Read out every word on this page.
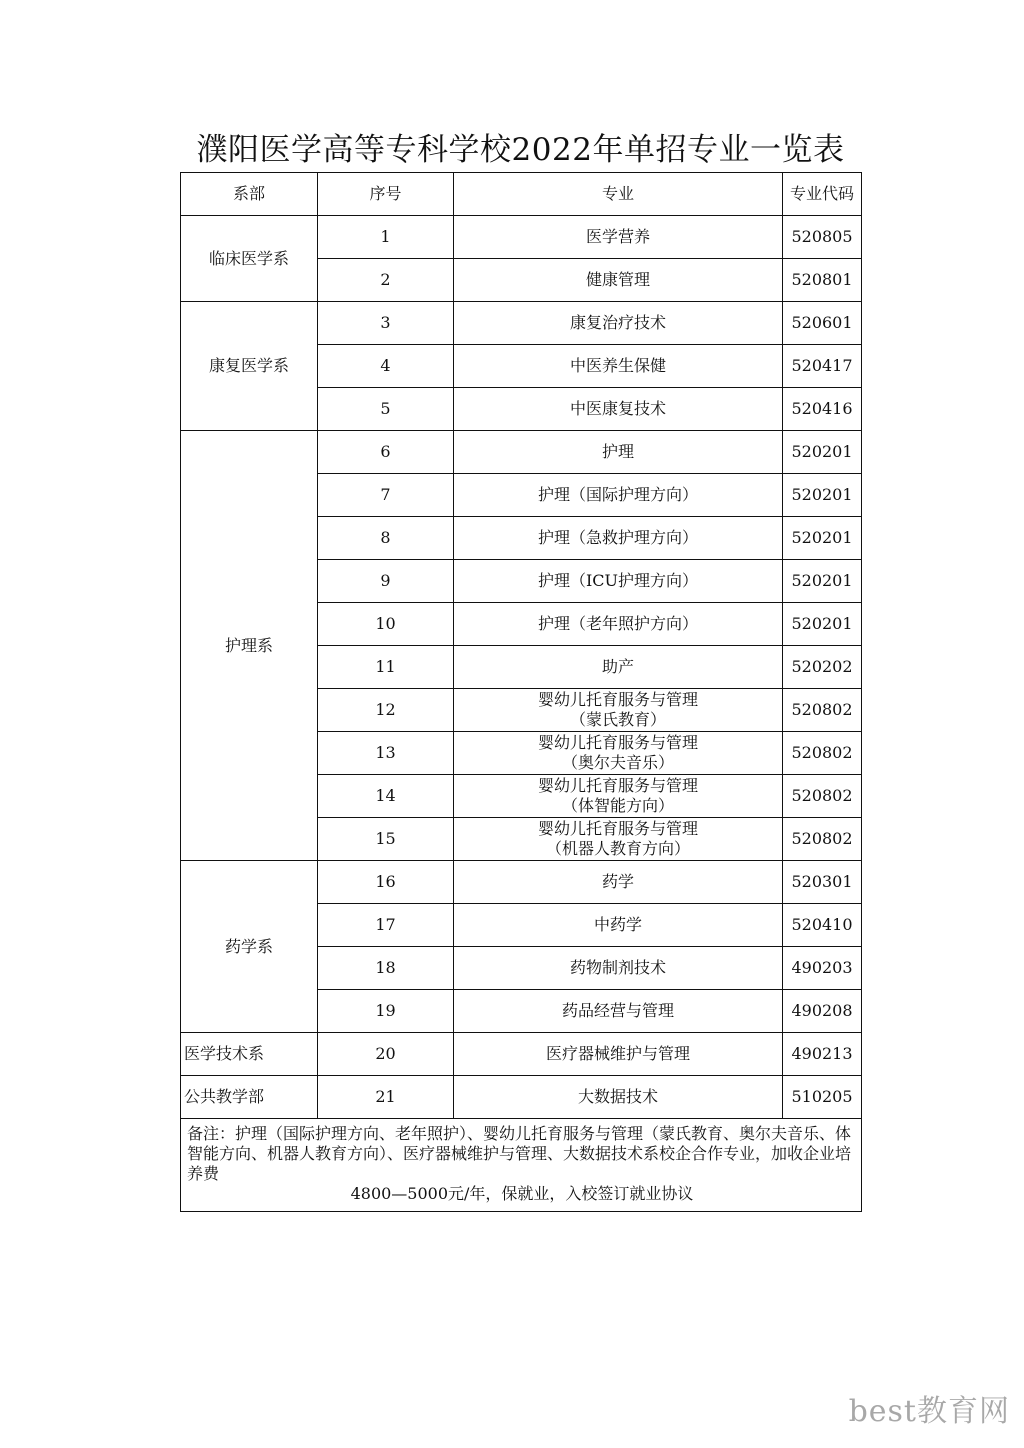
濮阳医学高等专科学校2022年单招专业一览表
系部	序号	专业	专业代码
临床医学系	1	医学营养	520805
	2	健康管理	520801
康复医学系	3	康复治疗技术	520601
	4	中医养生保健	520417
	5	中医康复技术	520416
护理系	6	护理	520201
	7	护理（国际护理方向）	520201
	8	护理（急救护理方向）	520201
	9	护理（ICU护理方向）	520201
	10	护理（老年照护方向）	520201
	11	助产	520202
	12	婴幼儿托育服务与管理
（蒙氏教育）	520802
	13	婴幼儿托育服务与管理
（奥尔夫音乐）	520802
	14	婴幼儿托育服务与管理
（体智能方向）	520802
	15	婴幼儿托育服务与管理
（机器人教育方向）	520802
药学系	16	药学	520301
	17	中药学	520410
	18	药物制剂技术	490203
	19	药品经营与管理	490208
医学技术系	20	医疗器械维护与管理	490213
公共教学部	21	大数据技术	510205
备注：护理（国际护理方向、老年照护）、婴幼儿托育服务与管理（蒙氏教育、奥尔夫音乐、体智能方向、机器人教育方向）、医疗器械维护与管理、大数据技术系校企合作专业，加收企业培养费
4800—5000元/年，保就业，入校签订就业协议			
best教育网
